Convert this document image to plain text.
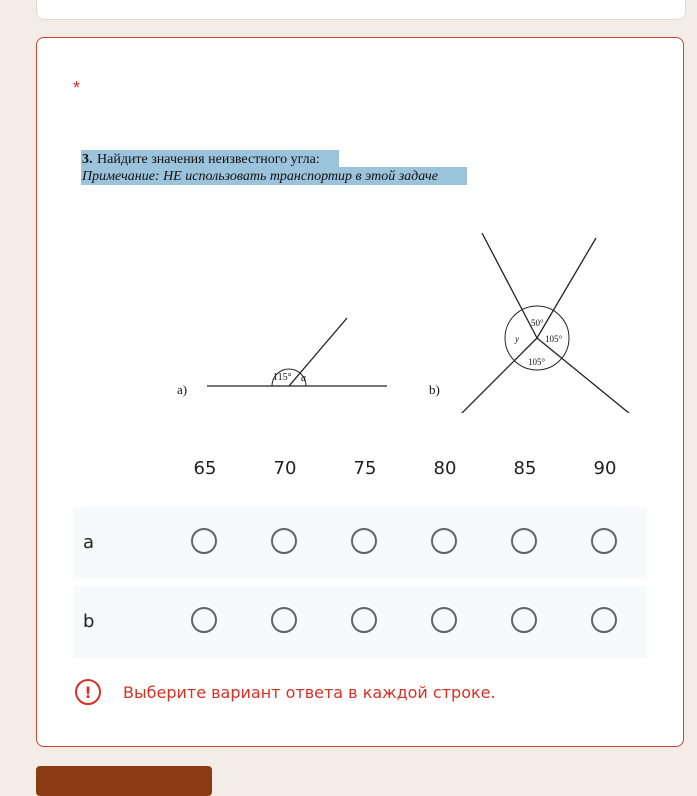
*
3. Найдите значения неизвестного угла:
Примечание: НЕ использовать транспортир в этой задаче
a)
115° a
b)
50°
105°
105°
y
65	70	75	80	85	90
a
b
!	Выберите вариант ответа в каждой строке.
